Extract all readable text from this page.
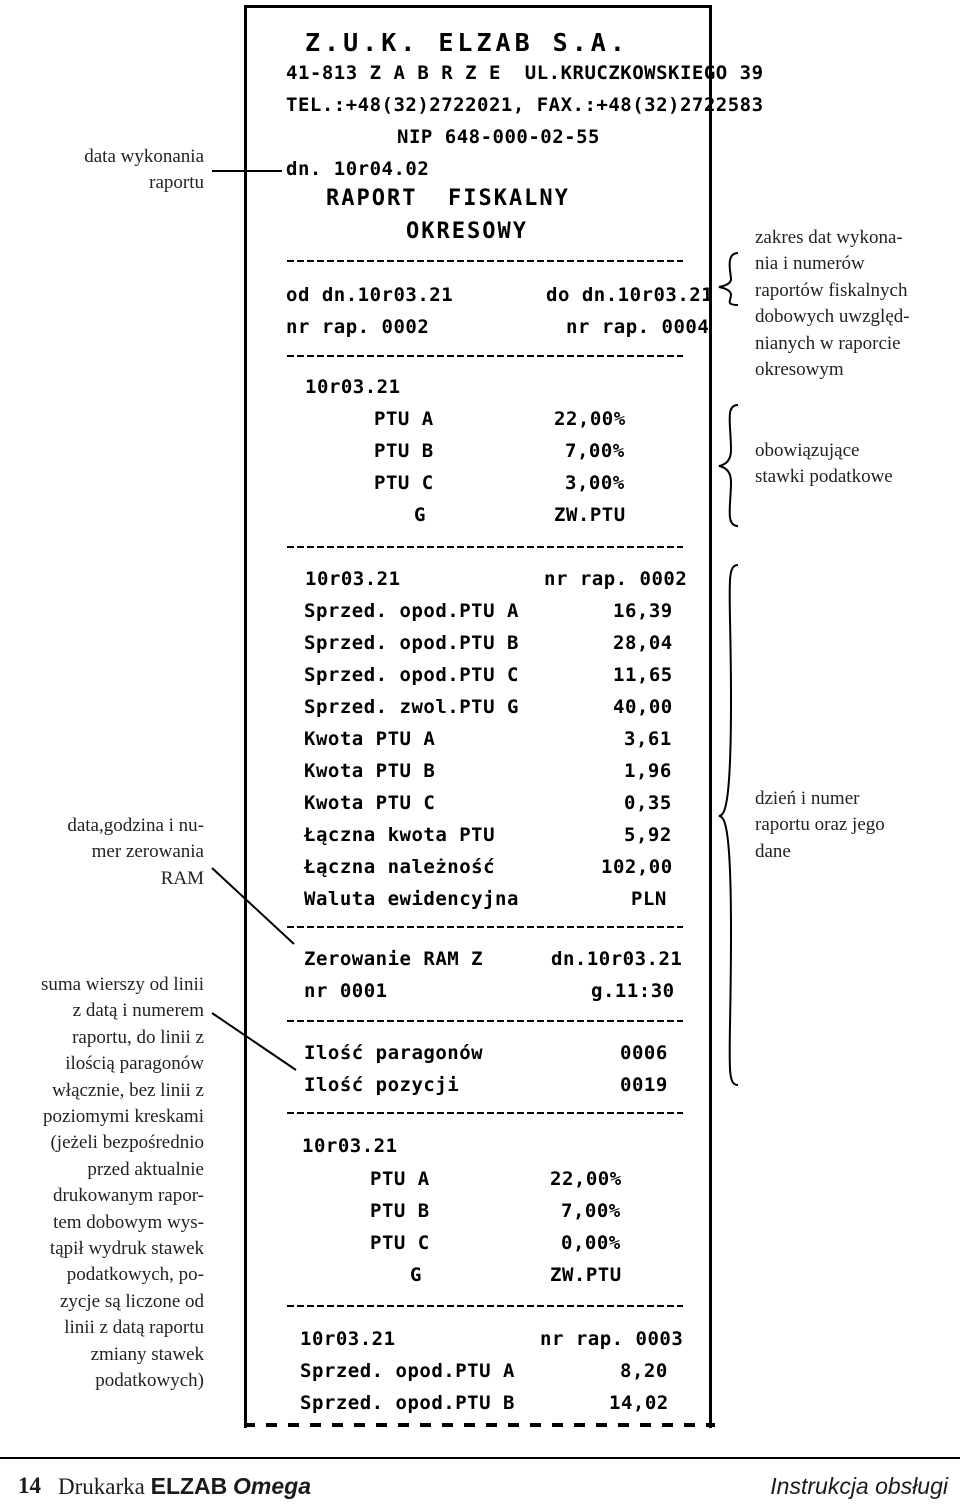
data wykonania
raportu
data,godzina i nu-
mer zerowania
RAM
suma wierszy od linii
z datą i numerem
raportu, do linii z
ilością paragonów
włącznie, bez linii z
poziomymi kreskami
(jeżeli bezpośrednio
przed aktualnie
drukowanym rapor-
tem dobowym wys-
tąpił wydruk stawek
podatkowych, po-
zycje są liczone od
linii z datą raportu
zmiany stawek
podatkowych)
zakres dat wykona-
nia i numerów
raportów fiskalnych
dobowych uwzględ-
nianych w raporcie
okresowym
obowiązujące
stawki podatkowe
dzień i numer
raportu oraz jego
dane
Z.U.K. ELZAB S.A.
41-813 Z A B R Z E  UL.KRUCZKOWSKIEGO 39
TEL.:+48(32)2722021, FAX.:+48(32)2722583
NIP 648-000-02-55
dn. 10r04.02
RAPORT  FISKALNY
OKRESOWY
od dn.10r03.21	do dn.10r03.21
nr rap. 0002	nr rap. 0004
10r03.21
PTU A	22,00%
PTU B	7,00%
PTU C	3,00%
G	ZW.PTU
10r03.21	nr rap. 0002
Sprzed. opod.PTU A	16,39
Sprzed. opod.PTU B	28,04
Sprzed. opod.PTU C	11,65
Sprzed. zwol.PTU G	40,00
Kwota PTU A	3,61
Kwota PTU B	1,96
Kwota PTU C	0,35
Łączna kwota PTU	5,92
Łączna należność	102,00
Waluta ewidencyjna	PLN
Zerowanie RAM Z	dn.10r03.21
nr 0001	g.11:30
Ilość paragonów	0006
Ilość pozycji	0019
10r03.21
PTU A	22,00%
PTU B	7,00%
PTU C	0,00%
G	ZW.PTU
10r03.21	nr rap. 0003
Sprzed. opod.PTU A	8,20
Sprzed. opod.PTU B	14,02
14 Drukarka ELZAB Omega	Instrukcja obsługi
